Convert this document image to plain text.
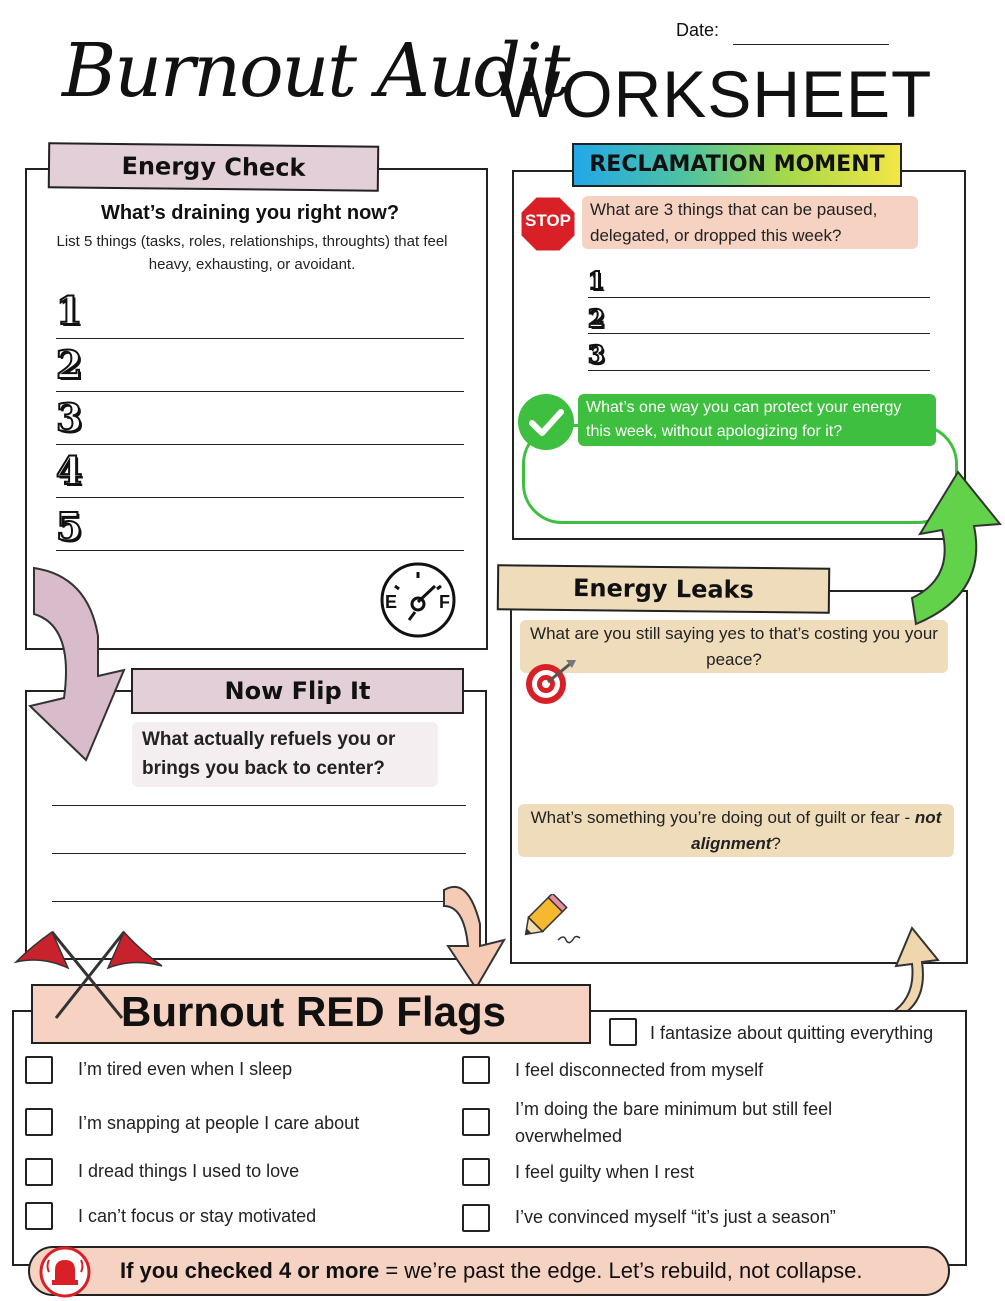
Burnout Audit
WORKSHEET
Date:
Energy Check
What’s draining you right now?
List 5 things (tasks, roles, relationships, throughts) that feel heavy, exhausting, or avoidant.
1
2
3
4
5
E F
RECLAMATION MOMENT
STOP
What are 3 things that can be paused, delegated, or dropped this week?
1
2
3
What’s one way you can protect your energy this week, without apologizing for it?
Energy Leaks
What are you still saying yes to that’s costing you your peace?
What’s something you’re doing out of guilt or fear - not alignment?
Now Flip It
What actually refuels you or brings you back to center?
Burnout RED Flags	I fantasize about quitting everything
I’m tired even when I sleep
I’m snapping at people I care about
I dread things I used to love
I can’t focus or stay motivated
I feel disconnected from myself
I’m doing the bare minimum but still feel overwhelmed
I feel guilty when I rest
I’ve convinced myself “it’s just a season”
If you checked 4 or more = we’re past the edge. Let’s rebuild, not collapse.
